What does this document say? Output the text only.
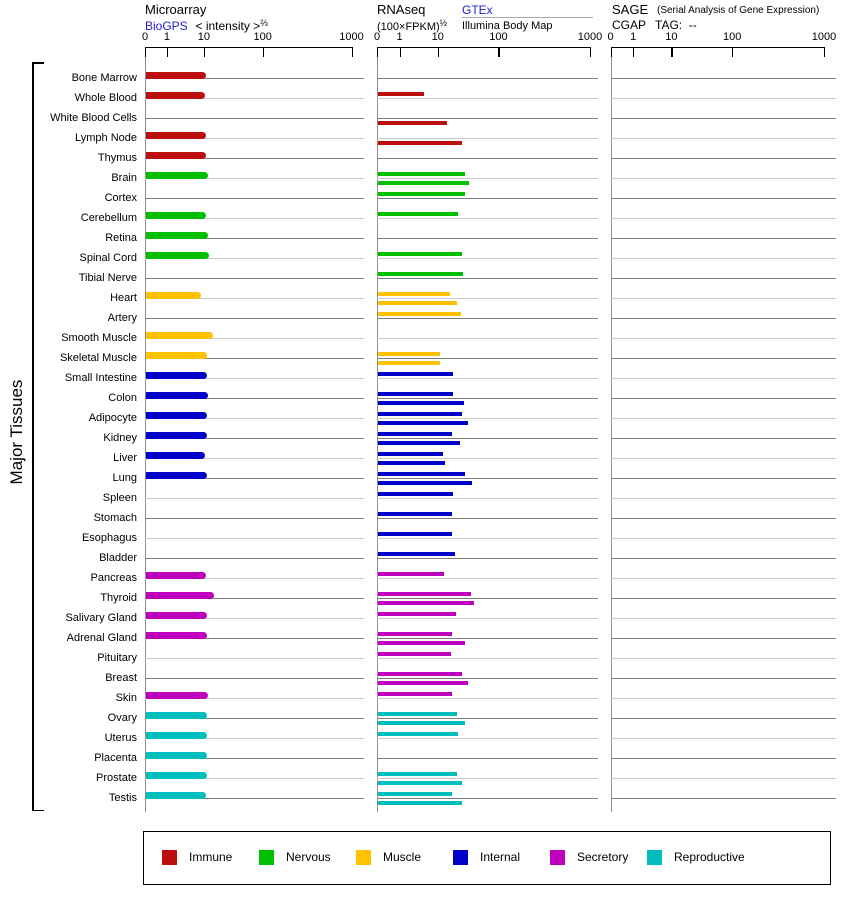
Microarray
BioGPS < intensity >$^{\frac{2}{3}}$
RNAseq
(100×FPKM)$^{\frac{1}{2}}$
GTEx
Illumina Body Map
SAGE (Serial Analysis of Gene Expression)
CGAP TAG: --
Major Tissues
0 1	10	100	1000 0 1	10	100	1000 0 1	10	100	1000
Bone Marrow
Whole Blood
White Blood Cells
Lymph Node
Thymus
Brain
Cortex
Cerebellum
Retina
Spinal Cord
Tibial Nerve
Heart
Artery
Smooth Muscle
Skeletal Muscle
Small Intestine
Colon
Adipocyte
Kidney
Liver
Lung
Spleen
Stomach
Esophagus
Bladder
Pancreas
Thyroid
Salivary Gland
Adrenal Gland
Pituitary
Breast
Skin
Ovary
Uterus
Placenta
Prostate
Testis
Immune	Nervous	Muscle	Internal	Secretory	Reproductive
